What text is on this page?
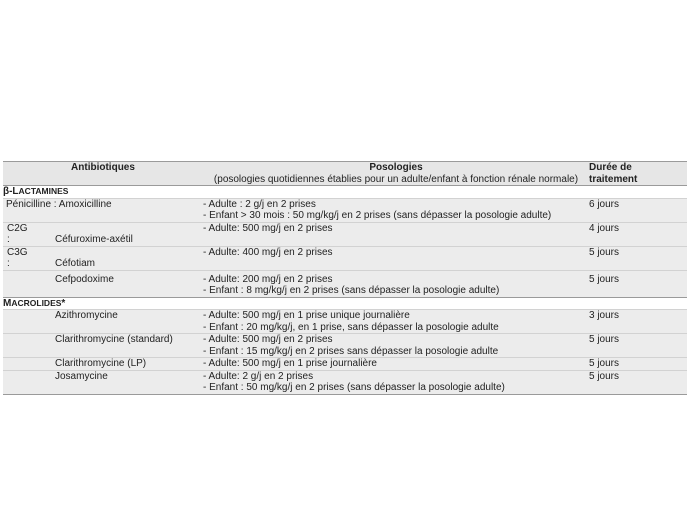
Antibiotiques	Posologies
(posologies quotidiennes établies pour un adulte/enfant à fonction rénale normale)	Durée de
traitement

β-LACTAMINES		
Pénicilline : Amoxicilline	- Adulte : 2 g/j en 2 prises
- Enfant > 30 mois : 50 mg/kg/j en 2 prises (sans dépasser la posologie adulte)	6 jours
C2G : Céfuroxime-axétil	- Adulte: 500 mg/j en 2 prises	4 jours
C3G : Céfotiam	- Adulte: 400 mg/j en 2 prises	5 jours

Cefpodoxime	- Adulte: 200 mg/j en 2 prises
- Enfant : 8 mg/kg/j en 2 prises (sans dépasser la posologie adulte)	5 jours
MACROLIDES*		
Azithromycine	- Adulte: 500 mg/j en 1 prise unique journalière
- Enfant : 20 mg/kg/j, en 1 prise, sans dépasser la posologie adulte	3 jours
Clarithromycine (standard)	- Adulte: 500 mg/j en 2 prises
- Enfant : 15 mg/kg/j en 2 prises sans dépasser la posologie adulte	5 jours
Clarithromycine (LP)	- Adulte: 500 mg/j en 1 prise journalière	5 jours
Josamycine	- Adulte: 2 g/j en 2 prises
- Enfant : 50 mg/kg/j en 2 prises (sans dépasser la posologie adulte)	5 jours
